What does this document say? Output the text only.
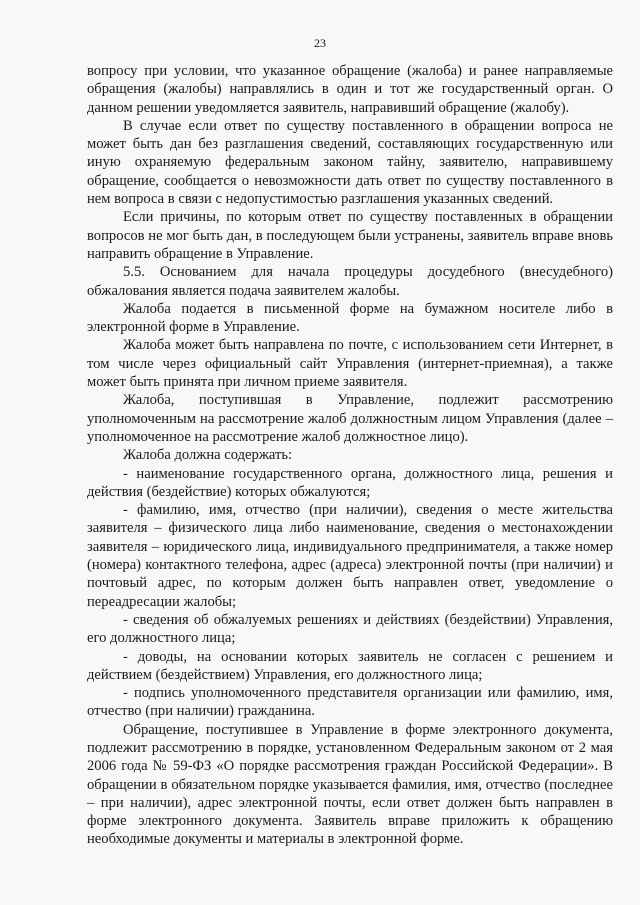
23

вопросу при условии, что указанное обращение (жалоба) и ранее направляемые обращения (жалобы) направлялись в один и тот же государственный орган. О данном решении уведомляется заявитель, направивший обращение (жалобу).

В случае если ответ по существу поставленного в обращении вопроса не может быть дан без разглашения сведений, составляющих государственную или иную охраняемую федеральным законом тайну, заявителю, направившему обращение, сообщается о невозможности дать ответ по существу поставленного в нем вопроса в связи с недопустимостью разглашения указанных сведений.

Если причины, по которым ответ по существу поставленных в обращении вопросов не мог быть дан, в последующем были устранены, заявитель вправе вновь направить обращение в Управление.

5.5. Основанием для начала процедуры досудебного (внесудебного) обжалования является подача заявителем жалобы.

Жалоба подается в письменной форме на бумажном носителе либо в электронной форме в Управление.

Жалоба может быть направлена по почте, с использованием сети Интернет, в том числе через официальный сайт Управления (интернет-приемная), а также может быть принята при личном приеме заявителя.

Жалоба, поступившая в Управление, подлежит рассмотрению уполномоченным на рассмотрение жалоб должностным лицом Управления (далее – уполномоченное на рассмотрение жалоб должностное лицо).

Жалоба должна содержать:

- наименование государственного органа, должностного лица, решения и действия (бездействие) которых обжалуются;

- фамилию, имя, отчество (при наличии), сведения о месте жительства заявителя – физического лица либо наименование, сведения о местонахождении заявителя – юридического лица, индивидуального предпринимателя, а также номер (номера) контактного телефона, адрес (адреса) электронной почты (при наличии) и почтовый адрес, по которым должен быть направлен ответ, уведомление о переадресации жалобы;

- сведения об обжалуемых решениях и действиях (бездействии) Управления, его должностного лица;

- доводы, на основании которых заявитель не согласен с решением и действием (бездействием) Управления, его должностного лица;

- подпись уполномоченного представителя организации или фамилию, имя, отчество (при наличии) гражданина.

Обращение, поступившее в Управление в форме электронного документа, подлежит рассмотрению в порядке, установленном Федеральным законом от 2 мая 2006 года № 59-ФЗ «О порядке рассмотрения граждан Российской Федерации». В обращении в обязательном порядке указывается фамилия, имя, отчество (последнее – при наличии), адрес электронной почты, если ответ должен быть направлен в форме электронного документа. Заявитель вправе приложить к обращению необходимые документы и материалы в электронной форме.
